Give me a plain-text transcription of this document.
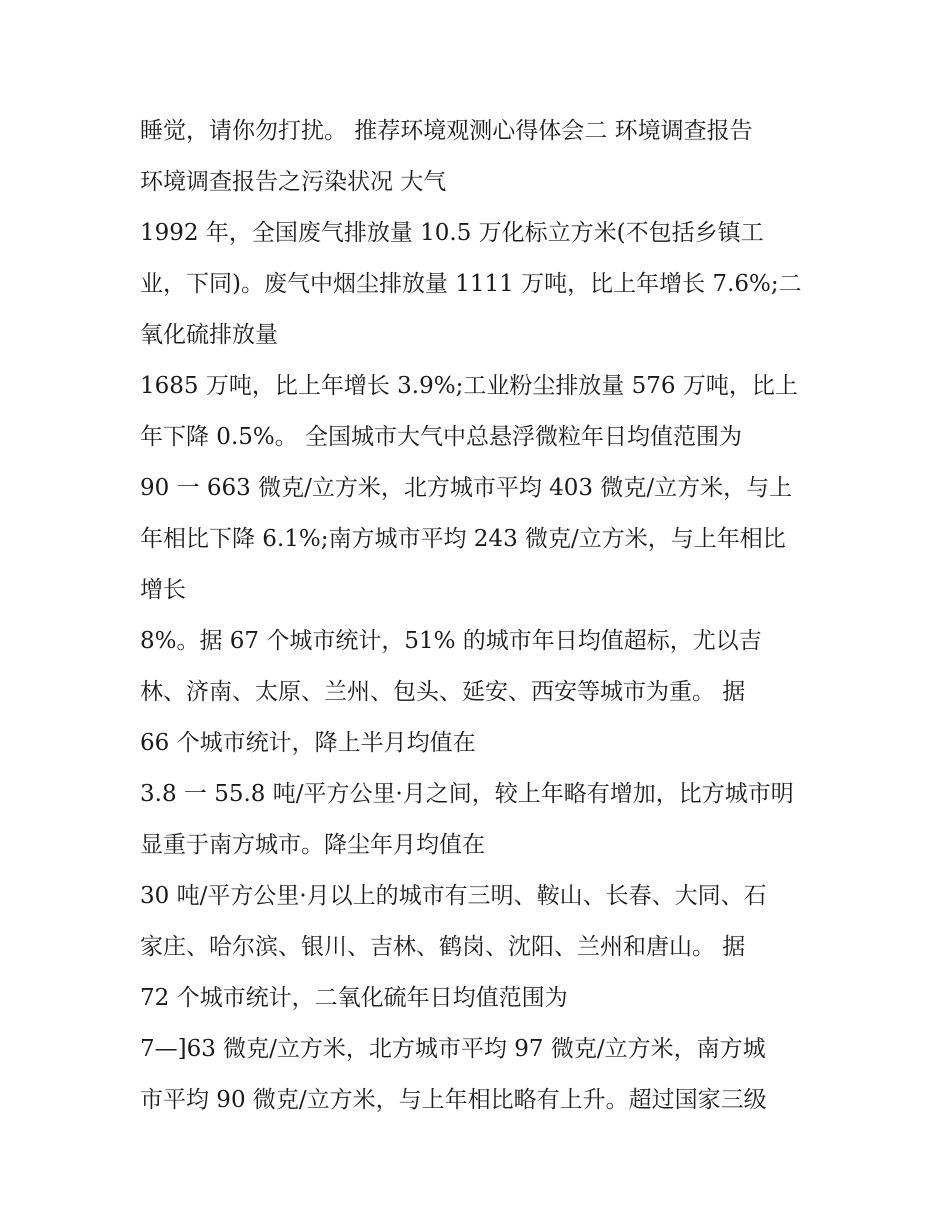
睡觉，请你勿打扰。 推荐环境观测心得体会二 环境调查报告
环境调查报告之污染状况 大气
1992 年，全国废气排放量 10.5 万化标立方米(不包括乡镇工
业，下同)。废气中烟尘排放量 1111 万吨，比上年增长 7.6%;二
氧化硫排放量
1685 万吨，比上年增长 3.9%;工业粉尘排放量 576 万吨，比上
年下降 0.5%。 全国城市大气中总悬浮微粒年日均值范围为
90 一 663 微克/立方米，北方城市平均 403 微克/立方米，与上
年相比下降 6.1%;南方城市平均 243 微克/立方米，与上年相比
增长
8%。据 67 个城市统计，51% 的城市年日均值超标，尤以吉
林、济南、太原、兰州、包头、延安、西安等城市为重。 据
66 个城市统计，降上半月均值在
3.8 一 55.8 吨/平方公里·月之间，较上年略有增加，比方城市明
显重于南方城市。降尘年月均值在
30 吨/平方公里·月以上的城市有三明、鞍山、长春、大同、石
家庄、哈尔滨、银川、吉林、鹤岗、沈阳、兰州和唐山。 据
72 个城市统计，二氧化硫年日均值范围为
7—]63 微克/立方米，北方城市平均 97 微克/立方米，南方城
市平均 90 微克/立方米，与上年相比略有上升。超过国家三级
